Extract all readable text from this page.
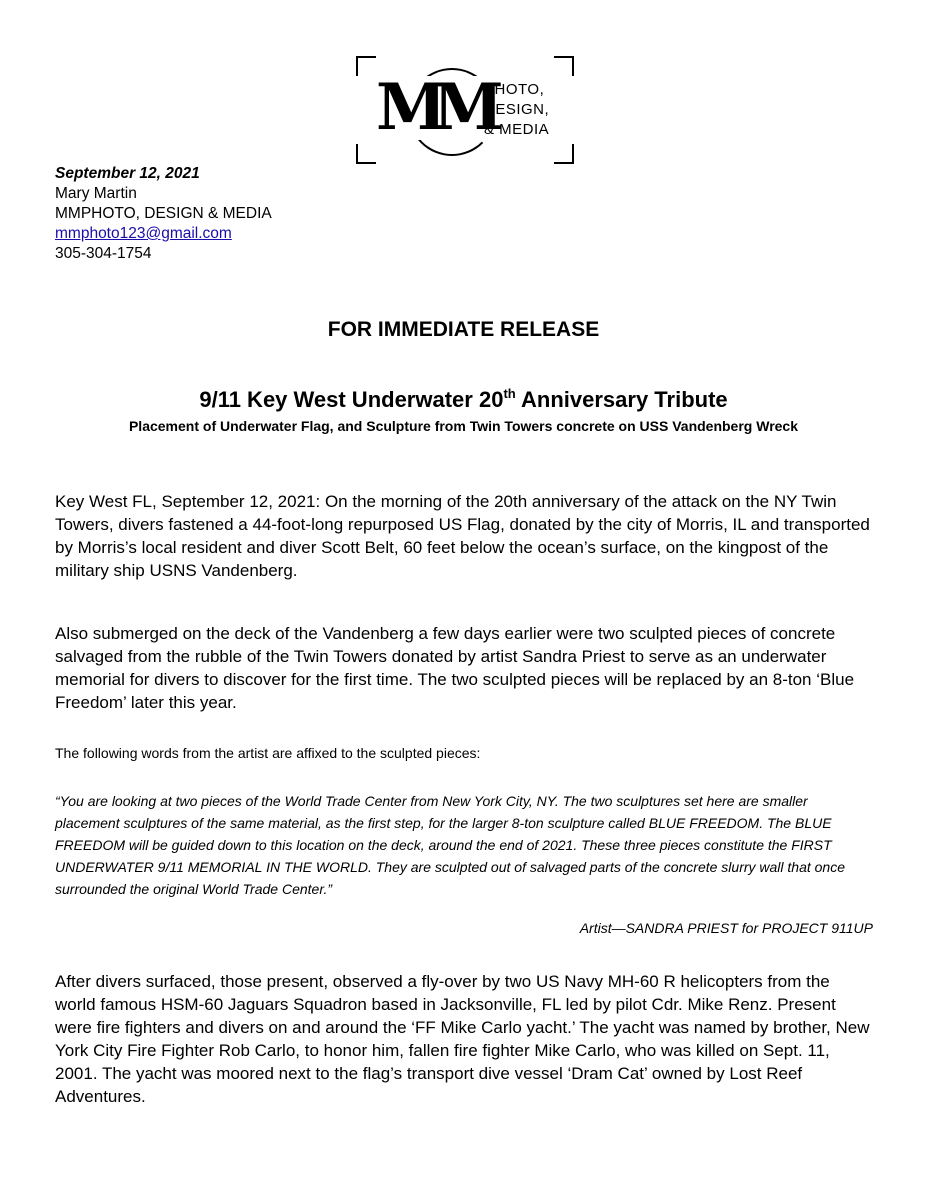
MM
PHOTO,
DESIGN,
& MEDIA
September 12, 2021
Mary Martin
MMPHOTO, DESIGN & MEDIA
mmphoto123@gmail.com
305-304-1754
FOR IMMEDIATE RELEASE
9/11 Key West Underwater 20th Anniversary Tribute
Placement of Underwater Flag, and Sculpture from Twin Towers concrete on USS Vandenberg Wreck

Key West FL, September 12, 2021: On the morning of the 20th anniversary of the attack on the NY Twin Towers, divers fastened a 44-foot-long repurposed US Flag, donated by the city of Morris, IL and transported by Morris’s local resident and diver Scott Belt, 60 feet below the ocean’s surface, on the kingpost of the military ship USNS Vandenberg.

Also submerged on the deck of the Vandenberg a few days earlier were two sculpted pieces of concrete salvaged from the rubble of the Twin Towers donated by artist Sandra Priest to serve as an underwater memorial for divers to discover for the first time. The two sculpted pieces will be replaced by an 8-ton ‘Blue Freedom’ later this year.

The following words from the artist are affixed to the sculpted pieces:

“You are looking at two pieces of the World Trade Center from New York City, NY. The two sculptures set here are smaller placement sculptures of the same material, as the first step, for the larger 8-ton sculpture called BLUE FREEDOM. The BLUE FREEDOM will be guided down to this location on the deck, around the end of 2021. These three pieces constitute the FIRST UNDERWATER 9/11 MEMORIAL IN THE WORLD. They are sculpted out of salvaged parts of the concrete slurry wall that once surrounded the original World Trade Center.”

Artist—SANDRA PRIEST for PROJECT 911UP

After divers surfaced, those present, observed a fly-over by two US Navy MH-60 R helicopters from the world famous HSM-60 Jaguars Squadron based in Jacksonville, FL led by pilot Cdr. Mike Renz. Present were fire fighters and divers on and around the ‘FF Mike Carlo yacht.’ The yacht was named by brother, New York City Fire Fighter Rob Carlo, to honor him, fallen fire fighter Mike Carlo, who was killed on Sept. 11, 2001. The yacht was moored next to the flag’s transport dive vessel ‘Dram Cat’ owned by Lost Reef Adventures.
